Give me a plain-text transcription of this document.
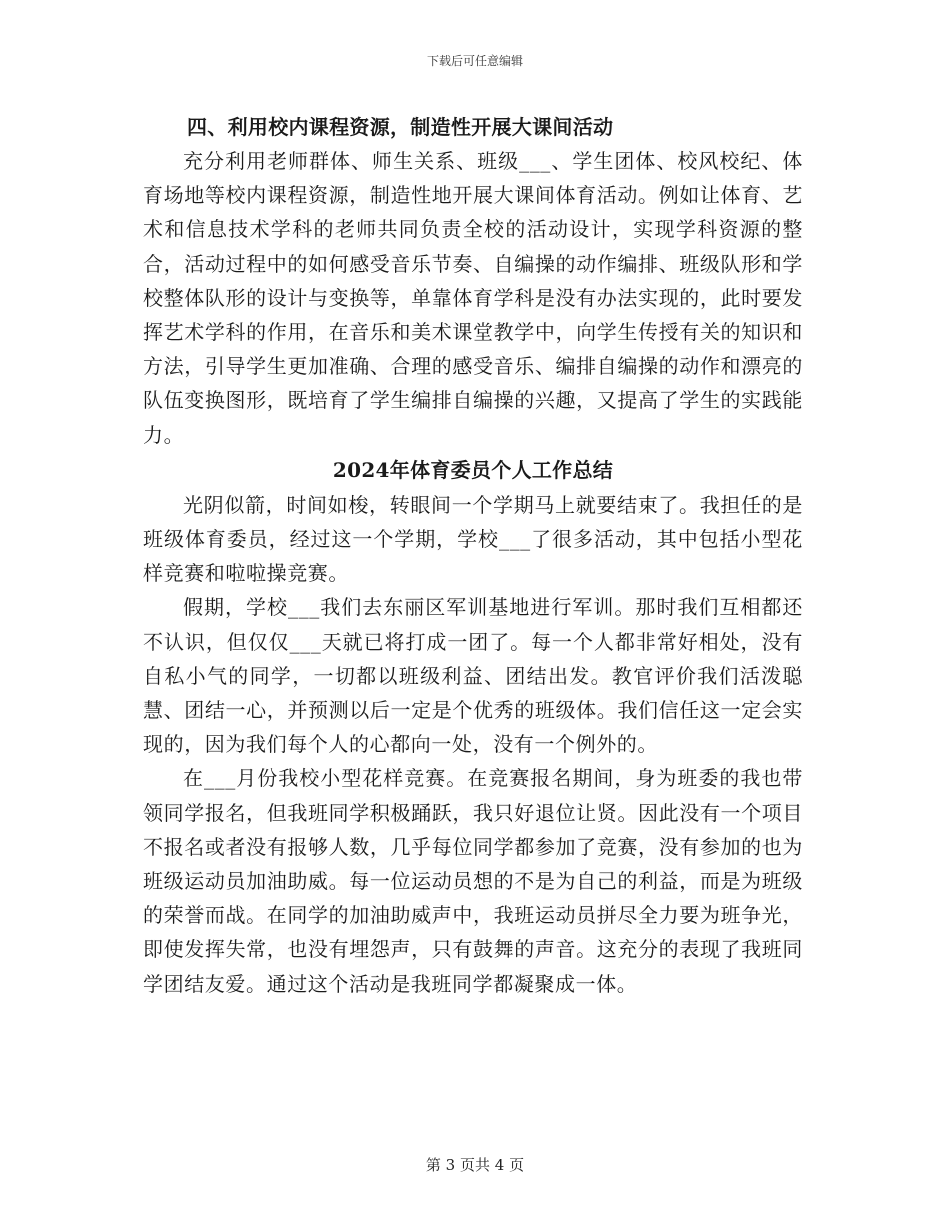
下载后可任意编辑

四、利用校内课程资源，制造性开展大课间活动

充分利用老师群体、师生关系、班级___、学生团体、校风校纪、体育场地等校内课程资源，制造性地开展大课间体育活动。例如让体育、艺术和信息技术学科的老师共同负责全校的活动设计，实现学科资源的整合，活动过程中的如何感受音乐节奏、自编操的动作编排、班级队形和学校整体队形的设计与变换等，单靠体育学科是没有办法实现的，此时要发挥艺术学科的作用，在音乐和美术课堂教学中，向学生传授有关的知识和方法，引导学生更加准确、合理的感受音乐、编排自编操的动作和漂亮的队伍变换图形，既培育了学生编排自编操的兴趣，又提高了学生的实践能力。

2024年体育委员个人工作总结

光阴似箭，时间如梭，转眼间一个学期马上就要结束了。我担任的是班级体育委员，经过这一个学期，学校___了很多活动，其中包括小型花样竞赛和啦啦操竞赛。

假期，学校___我们去东丽区军训基地进行军训。那时我们互相都还不认识，但仅仅___天就已将打成一团了。每一个人都非常好相处，没有自私小气的同学，一切都以班级利益、团结出发。教官评价我们活泼聪慧、团结一心，并预测以后一定是个优秀的班级体。我们信任这一定会实现的，因为我们每个人的心都向一处，没有一个例外的。

在___月份我校小型花样竞赛。在竞赛报名期间，身为班委的我也带领同学报名，但我班同学积极踊跃，我只好退位让贤。因此没有一个项目不报名或者没有报够人数，几乎每位同学都参加了竞赛，没有参加的也为班级运动员加油助威。每一位运动员想的不是为自己的利益，而是为班级的荣誉而战。在同学的加油助威声中，我班运动员拼尽全力要为班争光，即使发挥失常，也没有埋怨声，只有鼓舞的声音。这充分的表现了我班同学团结友爱。通过这个活动是我班同学都凝聚成一体。

第 3 页共 4 页
